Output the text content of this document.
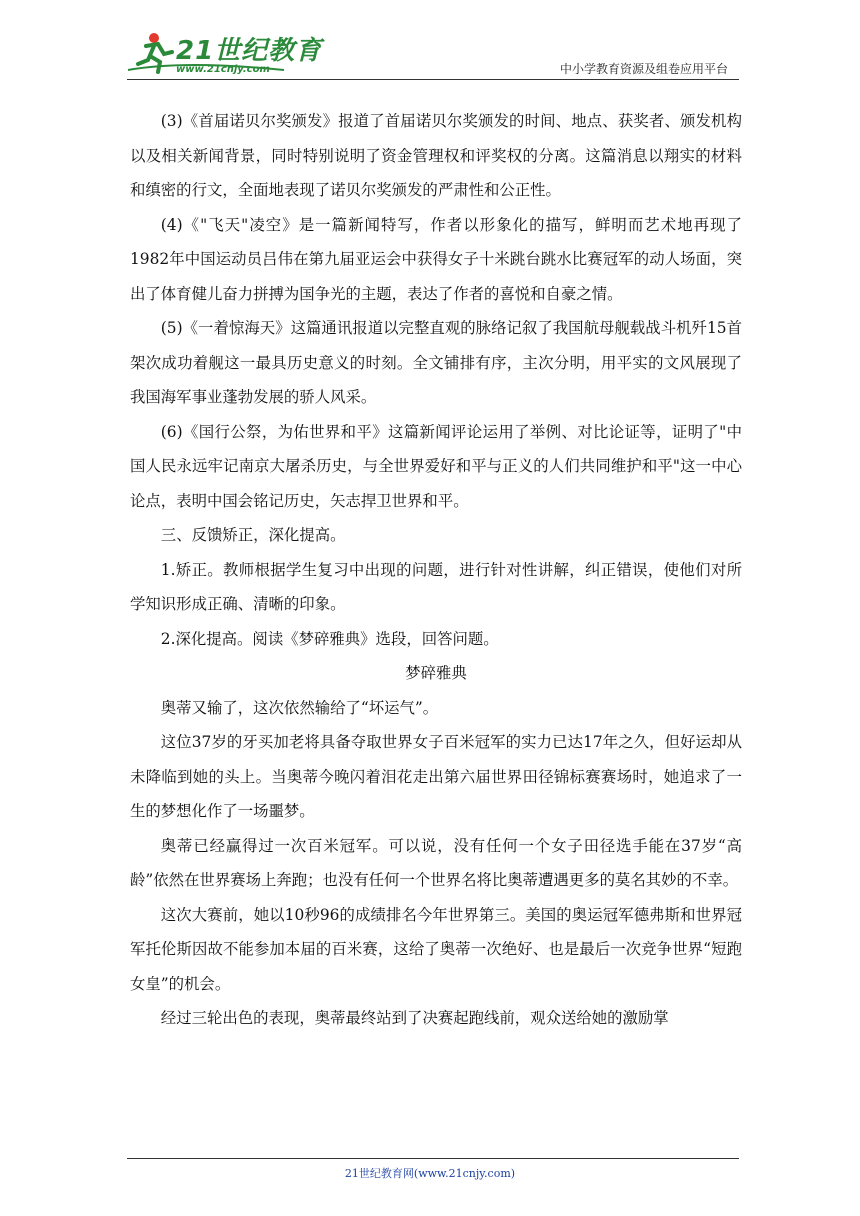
21世纪教育
www.21cnjy.com	中小学教育资源及组卷应用平台

(3)《首届诺贝尔奖颁发》报道了首届诺贝尔奖颁发的时间、地点、获奖者、颁发机构以及相关新闻背景，同时特别说明了资金管理权和评奖权的分离。这篇消息以翔实的材料和缜密的行文，全面地表现了诺贝尔奖颁发的严肃性和公正性。

(4)《"飞天"凌空》是一篇新闻特写，作者以形象化的描写，鲜明而艺术地再现了1982年中国运动员吕伟在第九届亚运会中获得女子十米跳台跳水比赛冠军的动人场面，突出了体育健儿奋力拼搏为国争光的主题，表达了作者的喜悦和自豪之情。

(5)《一着惊海天》这篇通讯报道以完整直观的脉络记叙了我国航母舰载战斗机歼15首架次成功着舰这一最具历史意义的时刻。全文铺排有序，主次分明，用平实的文风展现了我国海军事业蓬勃发展的骄人风采。

(6)《国行公祭，为佑世界和平》这篇新闻评论运用了举例、对比论证等，证明了"中国人民永远牢记南京大屠杀历史，与全世界爱好和平与正义的人们共同维护和平"这一中心论点，表明中国会铭记历史，矢志捍卫世界和平。

三、反馈矫正，深化提高。

1.矫正。教师根据学生复习中出现的问题，进行针对性讲解，纠正错误，使他们对所学知识形成正确、清晰的印象。

2.深化提高。阅读《梦碎雅典》选段，回答问题。

梦碎雅典

奥蒂又输了，这次依然输给了“坏运气”。

这位37岁的牙买加老将具备夺取世界女子百米冠军的实力已达17年之久，但好运却从未降临到她的头上。当奥蒂今晚闪着泪花走出第六届世界田径锦标赛赛场时，她追求了一生的梦想化作了一场噩梦。

奥蒂已经赢得过一次百米冠军。可以说，没有任何一个女子田径选手能在37岁“高龄”依然在世界赛场上奔跑；也没有任何一个世界名将比奥蒂遭遇更多的莫名其妙的不幸。

这次大赛前，她以10秒96的成绩排名今年世界第三。美国的奥运冠军德弗斯和世界冠军托伦斯因故不能参加本届的百米赛，这给了奥蒂一次绝好、也是最后一次竞争世界“短跑女皇”的机会。

经过三轮出色的表现，奥蒂最终站到了决赛起跑线前，观众送给她的激励掌

21世纪教育网(www.21cnjy.com)
